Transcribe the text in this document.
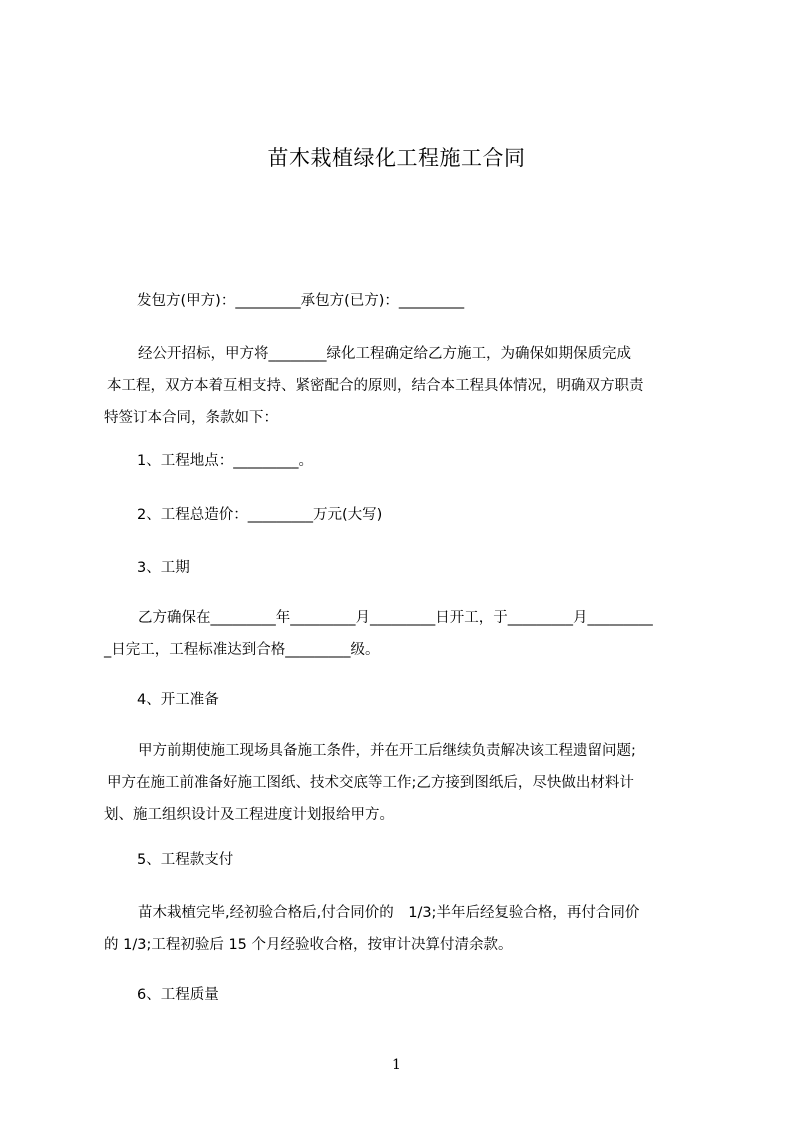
苗木栽植绿化工程施工合同
发包方(甲方)：_________承包方(已方)：_________
经公开招标，甲方将________绿化工程确定给乙方施工，为确保如期保质完成
本工程，双方本着互相支持、紧密配合的原则，结合本工程具体情况，明确双方职责
特签订本合同，条款如下：
1、工程地点：_________。
2、工程总造价：_________万元(大写)
3、工期
乙方确保在_________年_________月_________日开工，于_________月_________
_日完工，工程标准达到合格_________级。
4、开工准备
甲方前期使施工现场具备施工条件，并在开工后继续负责解决该工程遗留问题;
甲方在施工前准备好施工图纸、技术交底等工作;乙方接到图纸后，尽快做出材料计
划、施工组织设计及工程进度计划报给甲方。
5、工程款支付
苗木栽植完毕,经初验合格后,付合同价的　1/3;半年后经复验合格，再付合同价
的 1/3;工程初验后 15 个月经验收合格，按审计决算付清余款。
6、工程质量
1
